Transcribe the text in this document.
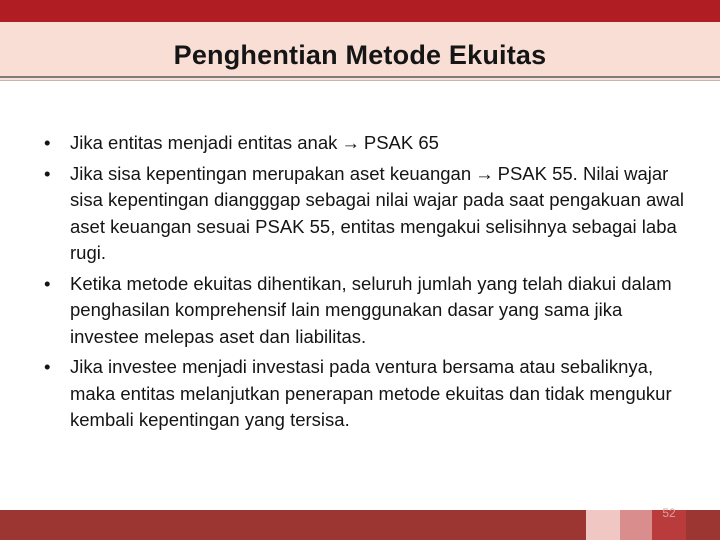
Penghentian Metode Ekuitas
•	Jika entitas menjadi entitas anak → PSAK 65
•	Jika sisa kepentingan merupakan aset keuangan → PSAK 55. Nilai wajar sisa kepentingan diangggap sebagai nilai wajar pada saat pengakuan awal aset keuangan sesuai PSAK 55, entitas mengakui selisihnya sebagai laba rugi.
•	Ketika metode ekuitas dihentikan, seluruh jumlah yang telah diakui dalam penghasilan komprehensif lain menggunakan dasar yang sama jika investee melepas aset dan liabilitas.
•	Jika investee menjadi investasi pada ventura bersama atau sebaliknya, maka entitas melanjutkan penerapan metode ekuitas dan tidak mengukur kembali kepentingan yang tersisa.
52
